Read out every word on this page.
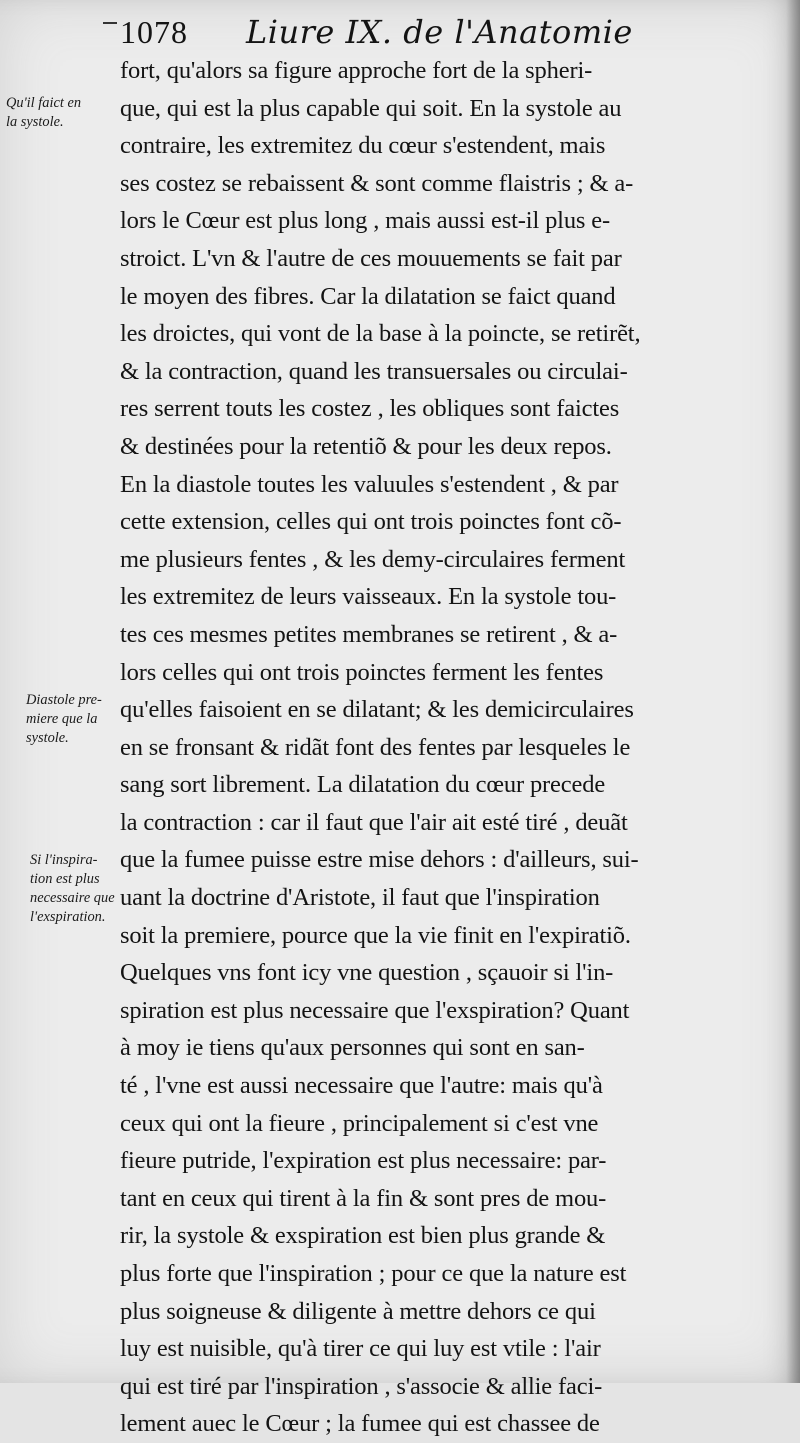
1078 Liure IX. de l'Anatomie
Qu'il faict en
la systole.
Diastole pre-
miere que la
systole.
Si l'inspira-
tion est plus
necessaire que
l'exspiration.
fort, qu'alors sa figure approche fort de la spheri-
que, qui est la plus capable qui soit. En la systole au
contraire, les extremitez du cœur s'estendent, mais
ses costez se rebaissent & sont comme flaistris ; & a-
lors le Cœur est plus long , mais aussi est-il plus e-
stroict. L'vn & l'autre de ces mouuements se fait par
le moyen des fibres. Car la dilatation se faict quand
les droictes, qui vont de la base à la poincte, se retirẽt,
& la contraction, quand les transuersales ou circulai-
res serrent touts les costez , les obliques sont faictes
& destinées pour la retentiõ & pour les deux repos.
En la diastole toutes les valuules s'estendent , & par
cette extension, celles qui ont trois poinctes font cõ-
me plusieurs fentes , & les demy-circulaires ferment
les extremitez de leurs vaisseaux. En la systole tou-
tes ces mesmes petites membranes se retirent , & a-
lors celles qui ont trois poinctes ferment les fentes
qu'elles faisoient en se dilatant; & les demicirculaires
en se fronsant & ridãt font des fentes par lesqueles le
sang sort librement. La dilatation du cœur precede
la contraction : car il faut que l'air ait esté tiré , deuãt
que la fumee puisse estre mise dehors : d'ailleurs, sui-
uant la doctrine d'Aristote, il faut que l'inspiration
soit la premiere, pource que la vie finit en l'expiratiõ.
Quelques vns font icy vne question , sçauoir si l'in-
spiration est plus necessaire que l'exspiration? Quant
à moy ie tiens qu'aux personnes qui sont en san-
té , l'vne est aussi necessaire que l'autre: mais qu'à
ceux qui ont la fieure , principalement si c'est vne
fieure putride, l'expiration est plus necessaire: par-
tant en ceux qui tirent à la fin & sont pres de mou-
rir, la systole & exspiration est bien plus grande &
plus forte que l'inspiration ; pour ce que la nature est
plus soigneuse & diligente à mettre dehors ce qui
luy est nuisible, qu'à tirer ce qui luy est vtile : l'air
qui est tiré par l'inspiration , s'associe & allie faci-
lement auec le Cœur ; la fumee qui est chassee de
